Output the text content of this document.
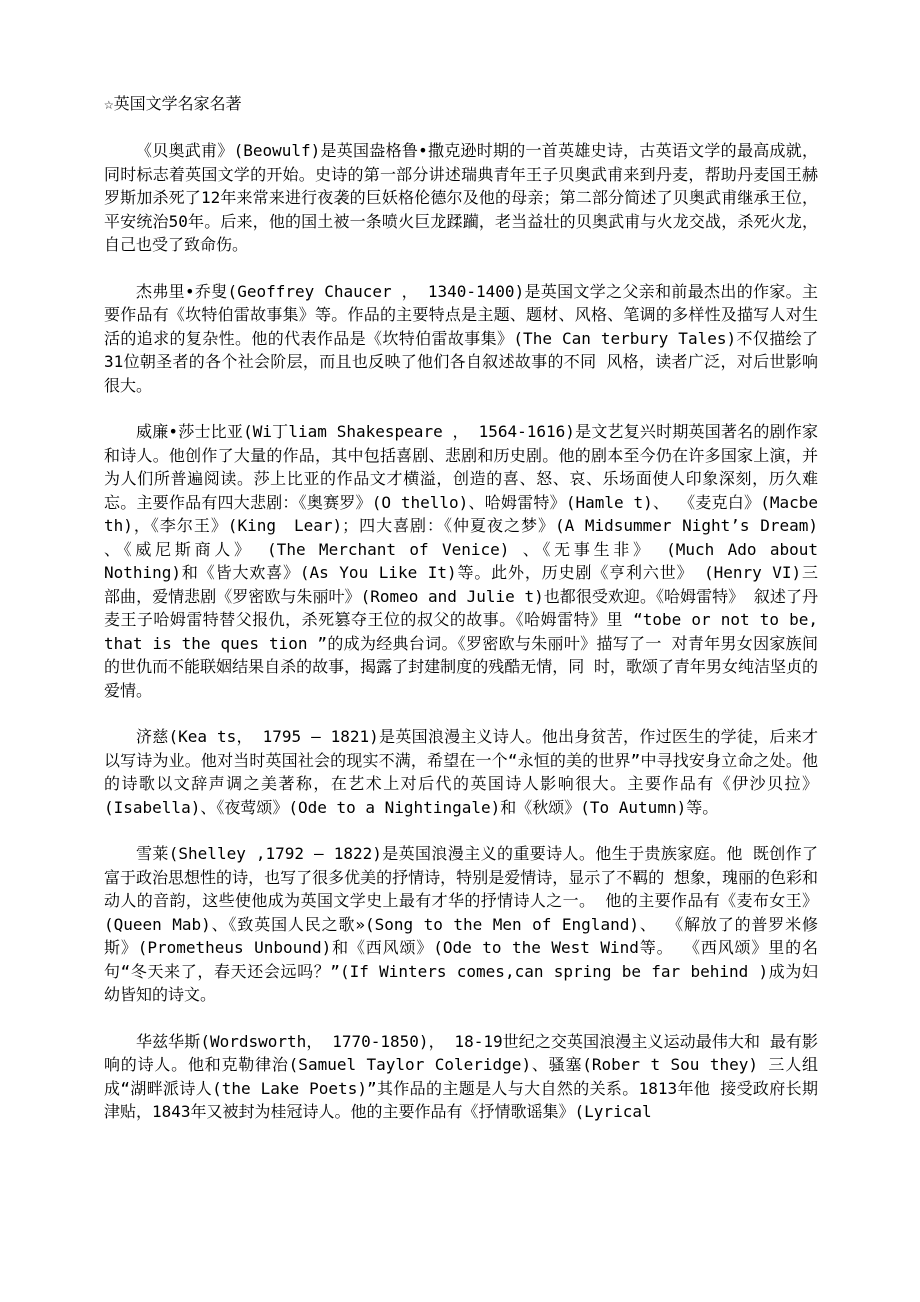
☆英国文学名家名著

《贝奥武甫》(Beowulf)是英国盎格鲁•撒克逊时期的一首英雄史诗，古英语文学的最高成就，同时标志着英国文学的开始。史诗的第一部分讲述瑞典青年王子贝奥武甫来到丹麦，帮助丹麦国王赫罗斯加杀死了12年来常来进行夜袭的巨妖格伦德尔及他的母亲；第二部分简述了贝奥武甫继承王位，平安统治50年。后来，他的国土被一条喷火巨龙蹂躏，老当益壮的贝奥武甫与火龙交战，杀死火龙，自己也受了致命伤。

杰弗里•乔叟(Geoffrey Chaucer ， 1340-1400)是英国文学之父亲和前最杰出的作家。主要作品有《坎特伯雷故事集》等。作品的主要特点是主题、题材、风格、笔调的多样性及描写人对生活的追求的复杂性。他的代表作品是《坎特伯雷故事集》(The Can terbury Tales)不仅描绘了 31位朝圣者的各个社会阶层，而且也反映了他们各自叙述故事的不同 风格，读者广泛，对后世影响很大。

威廉•莎士比亚(Wi丁liam Shakespeare ， 1564-1616)是文艺复兴时期英国著名的剧作家和诗人。他创作了大量的作品，其中包括喜剧、悲剧和历史剧。他的剧本至今仍在许多国家上演，并为人们所普遍阅读。莎上比亚的作品文才横溢，创造的喜、怒、哀、乐场面使人印象深刻，历久难忘。主要作品有四大悲剧：《奥赛罗》(O thello)、哈姆雷特》(Hamle t)、 《麦克白》(Macbe　th)，《李尔王》(King　Lear)；四大喜剧：《仲夏夜之梦》(A Midsummer Night’s Dream) 、《威尼斯商人》 (The Merchant of Venice) 、《无事生非》 (Much Ado about Nothing)和《皆大欢喜》(As You Like It)等。此外，历史剧《亨利六世》 (Henry VI)三 部曲，爱情悲剧《罗密欧与朱丽叶》(Romeo and Julie t)也都很受欢迎。《哈姆雷特》 叙述了丹麦王子哈姆雷特替父报仇，杀死篡夺王位的叔父的故事。《哈姆雷特》里 “tobe or not to be, that is the ques tion ”的成为经典台词。《罗密欧与朱丽叶》描写了一 对青年男女因家族间的世仇而不能联姻结果自杀的故事，揭露了封建制度的残酷无情，同 时，歌颂了青年男女纯洁坚贞的爱情。

济慈(Kea ts， 1795 — 1821)是英国浪漫主义诗人。他出身贫苦，作过医生的学徒，后来才以写诗为业。他对当时英国社会的现实不满，希望在一个“永恒的美的世界”中寻找安身立命之处。他的诗歌以文辞声调之美著称，在艺术上对后代的英国诗人影响很大。主要作品有《伊沙贝拉》(Isabella)、《夜莺颂》(Ode to a Nightingale)和《秋颂》(To Autumn)等。

雪莱(Shelley ,1792 — 1822)是英国浪漫主义的重要诗人。他生于贵族家庭。他 既创作了富于政治思想性的诗，也写了很多优美的抒情诗，特别是爱情诗，显示了不羁的 想象，瑰丽的色彩和动人的音韵，这些使他成为英国文学史上最有才华的抒情诗人之一。 他的主要作品有《麦布女王》(Queen Mab)、《致英国人民之歌»(Song to the Men of England)、 《解放了的普罗米修斯》(Prometheus Unbound)和《西风颂》(Ode to the West Wind等。 《西风颂》里的名句“冬天来了，春天还会远吗？”(If Winters comes,can spring be far behind )成为妇幼皆知的诗文。

华兹华斯(Wordsworth， 1770-1850)， 18-19世纪之交英国浪漫主义运动最伟大和 最有影响的诗人。他和克勒律治(Samuel Taylor Coleridge)、骚塞(Rober t Sou they) 三人组成“湖畔派诗人(the Lake Poets)”其作品的主题是人与大自然的关系。1813年他 接受政府长期津贴，1843年又被封为桂冠诗人。他的主要作品有《抒情歌谣集》(Lyrical
